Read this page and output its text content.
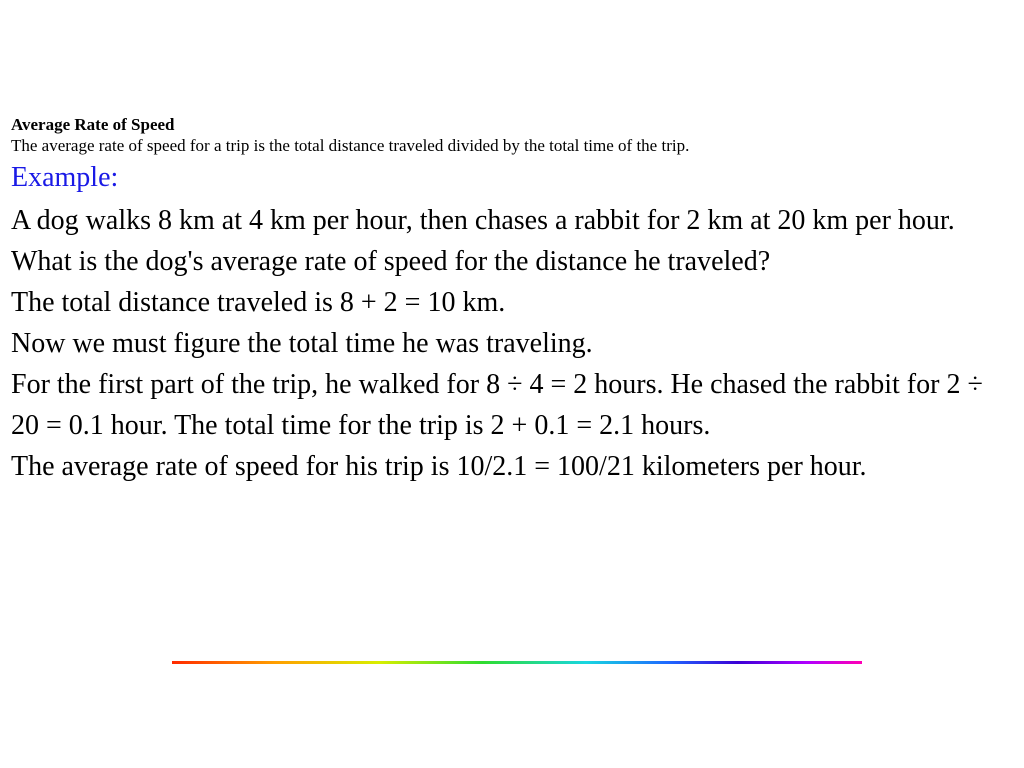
Average Rate of Speed

The average rate of speed for a trip is the total distance traveled divided by the total time of the trip.

Example:

A dog walks 8 km at 4 km per hour, then chases a rabbit for 2 km at 20 km per hour. What is the dog's average rate of speed for the distance he traveled?

The total distance traveled is 8 + 2 = 10 km.

Now we must figure the total time he was traveling.

For the first part of the trip, he walked for 8 ÷ 4 = 2 hours. He chased the rabbit for 2 ÷ 20 = 0.1 hour. The total time for the trip is 2 + 0.1 = 2.1 hours.

The average rate of speed for his trip is 10/2.1 = 100/21 kilometers per hour.
